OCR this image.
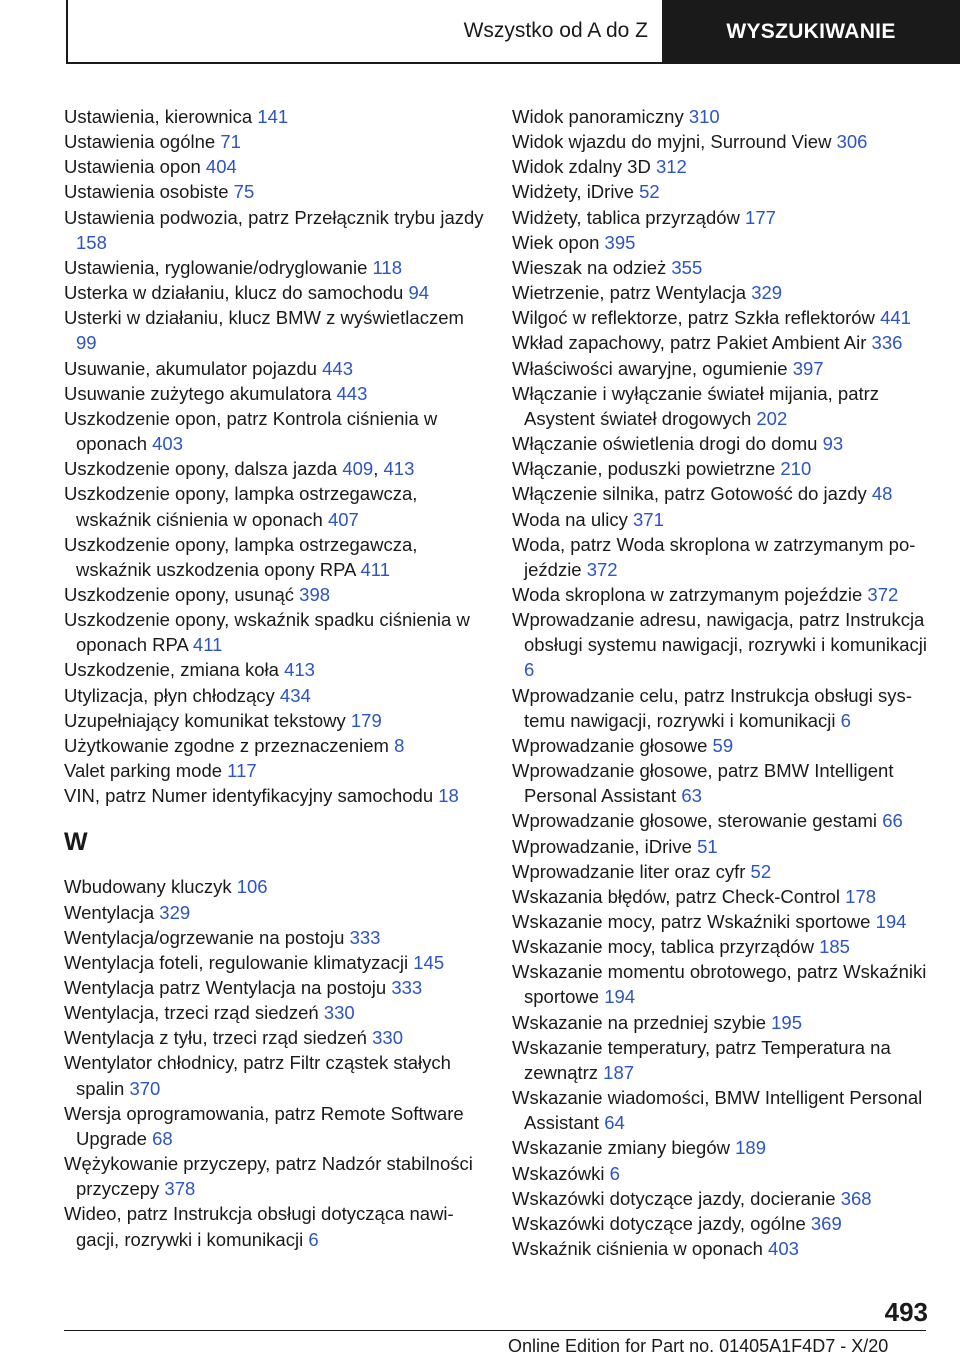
Wszystko od A do Z	WYSZUKIWANIE
Ustawienia, kierownica 141
Ustawienia ogólne 71
Ustawienia opon 404
Ustawienia osobiste 75
Ustawienia podwozia, patrz Przełącznik trybu jazdy 158
Ustawienia, ryglowanie/odryglowanie 118
Usterka w działaniu, klucz do samochodu 94
Usterki w działaniu, klucz BMW z wyświetlaczem 99
Usuwanie, akumulator pojazdu 443
Usuwanie zużytego akumulatora 443
Uszkodzenie opon, patrz Kontrola ciśnienia w oponach 403
Uszkodzenie opony, dalsza jazda 409, 413
Uszkodzenie opony, lampka ostrzegawcza, wskaźnik ciśnienia w oponach 407
Uszkodzenie opony, lampka ostrzegawcza, wskaźnik uszkodzenia opony RPA 411
Uszkodzenie opony, usunąć 398
Uszkodzenie opony, wskaźnik spadku ciśnienia w oponach RPA 411
Uszkodzenie, zmiana koła 413
Utylizacja, płyn chłodzący 434
Uzupełniający komunikat tekstowy 179
Użytkowanie zgodne z przeznaczeniem 8
Valet parking mode 117
VIN, patrz Numer identyfikacyjny samochodu 18
W
Wbudowany kluczyk 106
Wentylacja 329
Wentylacja/ogrzewanie na postoju 333
Wentylacja foteli, regulowanie klimatyzacji 145
Wentylacja patrz Wentylacja na postoju 333
Wentylacja, trzeci rząd siedzeń 330
Wentylacja z tyłu, trzeci rząd siedzeń 330
Wentylator chłodnicy, patrz Filtr cząstek stałych spalin 370
Wersja oprogramowania, patrz Remote Software Upgrade 68
Wężykowanie przyczepy, patrz Nadzór stabilności przyczepy 378
Wideo, patrz Instrukcja obsługi dotycząca nawigacji, rozrywki i komunikacji 6
Widok panoramiczny 310
Widok wjazdu do myjni, Surround View 306
Widok zdalny 3D 312
Widżety, iDrive 52
Widżety, tablica przyrządów 177
Wiek opon 395
Wieszak na odzież 355
Wietrzenie, patrz Wentylacja 329
Wilgoć w reflektorze, patrz Szkła reflektorów 441
Wkład zapachowy, patrz Pakiet Ambient Air 336
Właściwości awaryjne, ogumienie 397
Włączanie i wyłączanie świateł mijania, patrz Asystent świateł drogowych 202
Włączanie oświetlenia drogi do domu 93
Włączanie, poduszki powietrzne 210
Włączenie silnika, patrz Gotowość do jazdy 48
Woda na ulicy 371
Woda, patrz Woda skroplona w zatrzymanym pojeździe 372
Woda skroplona w zatrzymanym pojeździe 372
Wprowadzanie adresu, nawigacja, patrz Instrukcja obsługi systemu nawigacji, rozrywki i komunikacji 6
Wprowadzanie celu, patrz Instrukcja obsługi systemu nawigacji, rozrywki i komunikacji 6
Wprowadzanie głosowe 59
Wprowadzanie głosowe, patrz BMW Intelligent Personal Assistant 63
Wprowadzanie głosowe, sterowanie gestami 66
Wprowadzanie, iDrive 51
Wprowadzanie liter oraz cyfr 52
Wskazania błędów, patrz Check-Control 178
Wskazanie mocy, patrz Wskaźniki sportowe 194
Wskazanie mocy, tablica przyrządów 185
Wskazanie momentu obrotowego, patrz Wskaźniki sportowe 194
Wskazanie na przedniej szybie 195
Wskazanie temperatury, patrz Temperatura na zewnątrz 187
Wskazanie wiadomości, BMW Intelligent Personal Assistant 64
Wskazanie zmiany biegów 189
Wskazówki 6
Wskazówki dotyczące jazdy, docieranie 368
Wskazówki dotyczące jazdy, ogólne 369
Wskaźnik ciśnienia w oponach 403
493
Online Edition for Part no. 01405A1F4D7 - X/20
